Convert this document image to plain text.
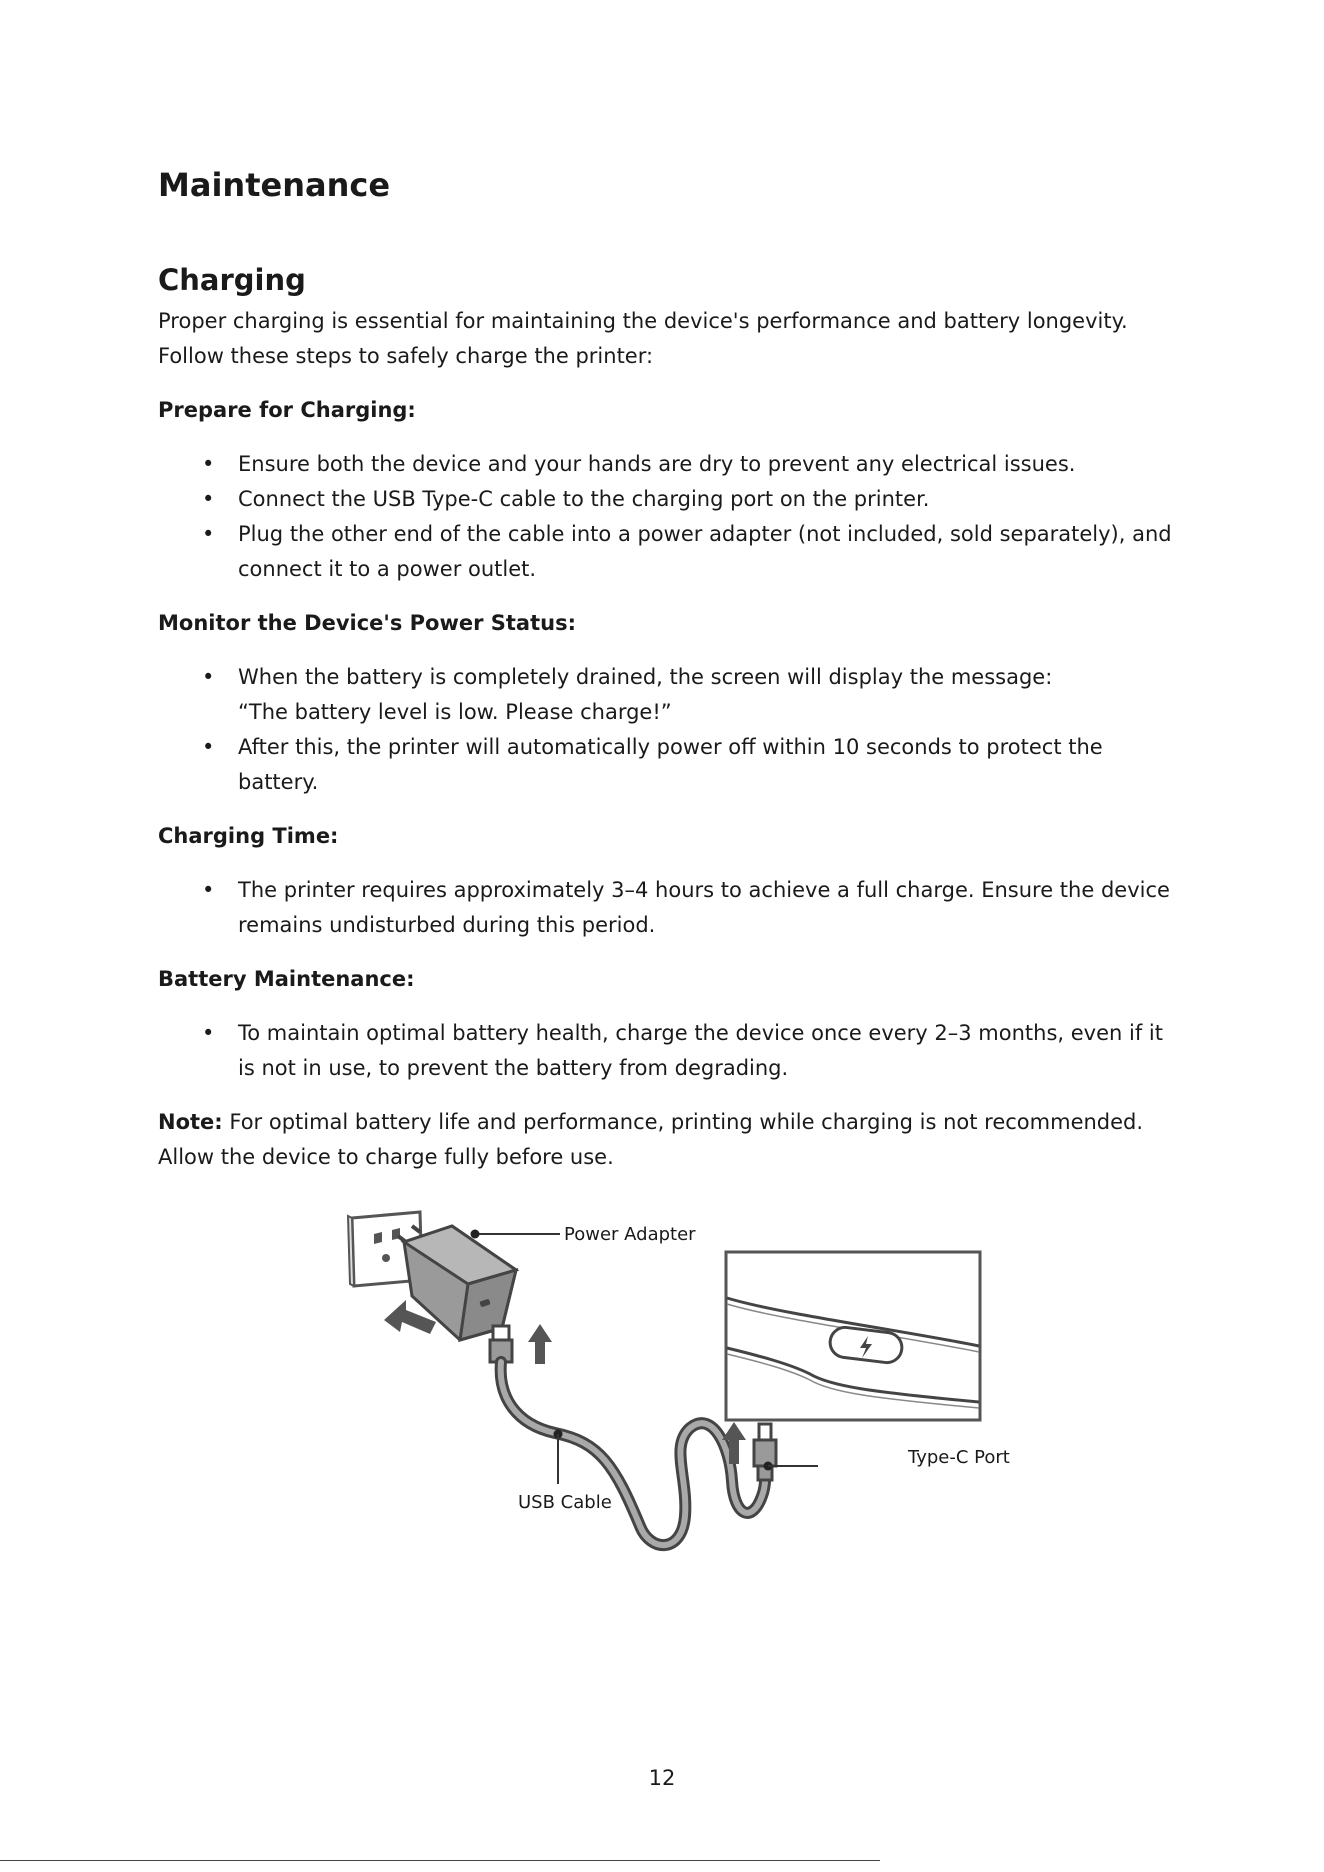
Maintenance
Charging

Proper charging is essential for maintaining the device's performance and battery longevity. Follow these steps to safely charge the printer:

Prepare for Charging:
• Ensure both the device and your hands are dry to prevent any electrical issues.
• Connect the USB Type-C cable to the charging port on the printer.
• Plug the other end of the cable into a power adapter (not included, sold separately), and connect it to a power outlet.
Monitor the Device's Power Status:
• When the battery is completely drained, the screen will display the message:
“The battery level is low. Please charge!”
• After this, the printer will automatically power off within 10 seconds to protect the battery.
Charging Time:
• The printer requires approximately 3–4 hours to achieve a full charge. Ensure the device remains undisturbed during this period.
Battery Maintenance:
• To maintain optimal battery health, charge the device once every 2–3 months, even if it is not in use, to prevent the battery from degrading.
Note: For optimal battery life and performance, printing while charging is not recommended. Allow the device to charge fully before use.
Power Adapter
USB Cable
Type-C Port
12
